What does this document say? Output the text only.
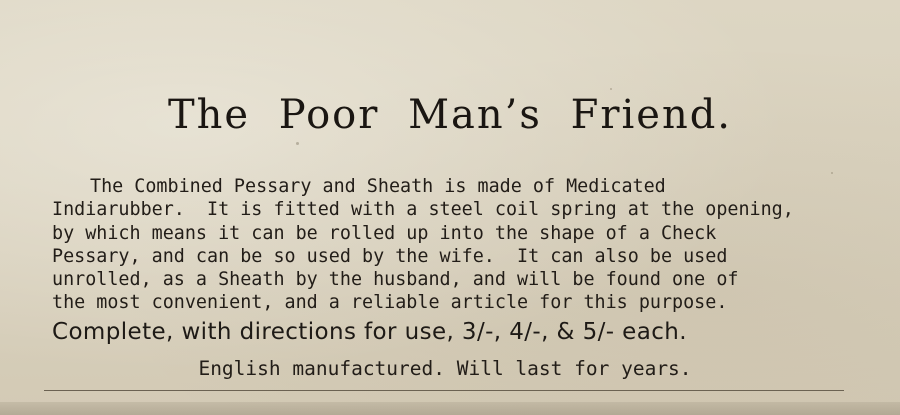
The Poor Man’s Friend.

The Combined Pessary and Sheath is made of Medicated
Indiarubber.  It is fitted with a steel coil spring at the opening,
by which means it can be rolled up into the shape of a Check
Pessary, and can be so used by the wife.  It can also be used
unrolled, as a Sheath by the husband, and will be found one of
the most convenient, and a reliable article for this purpose.

Complete, with directions for use, 3/-, 4/-, & 5/- each.

English manufactured. Will last for years.
